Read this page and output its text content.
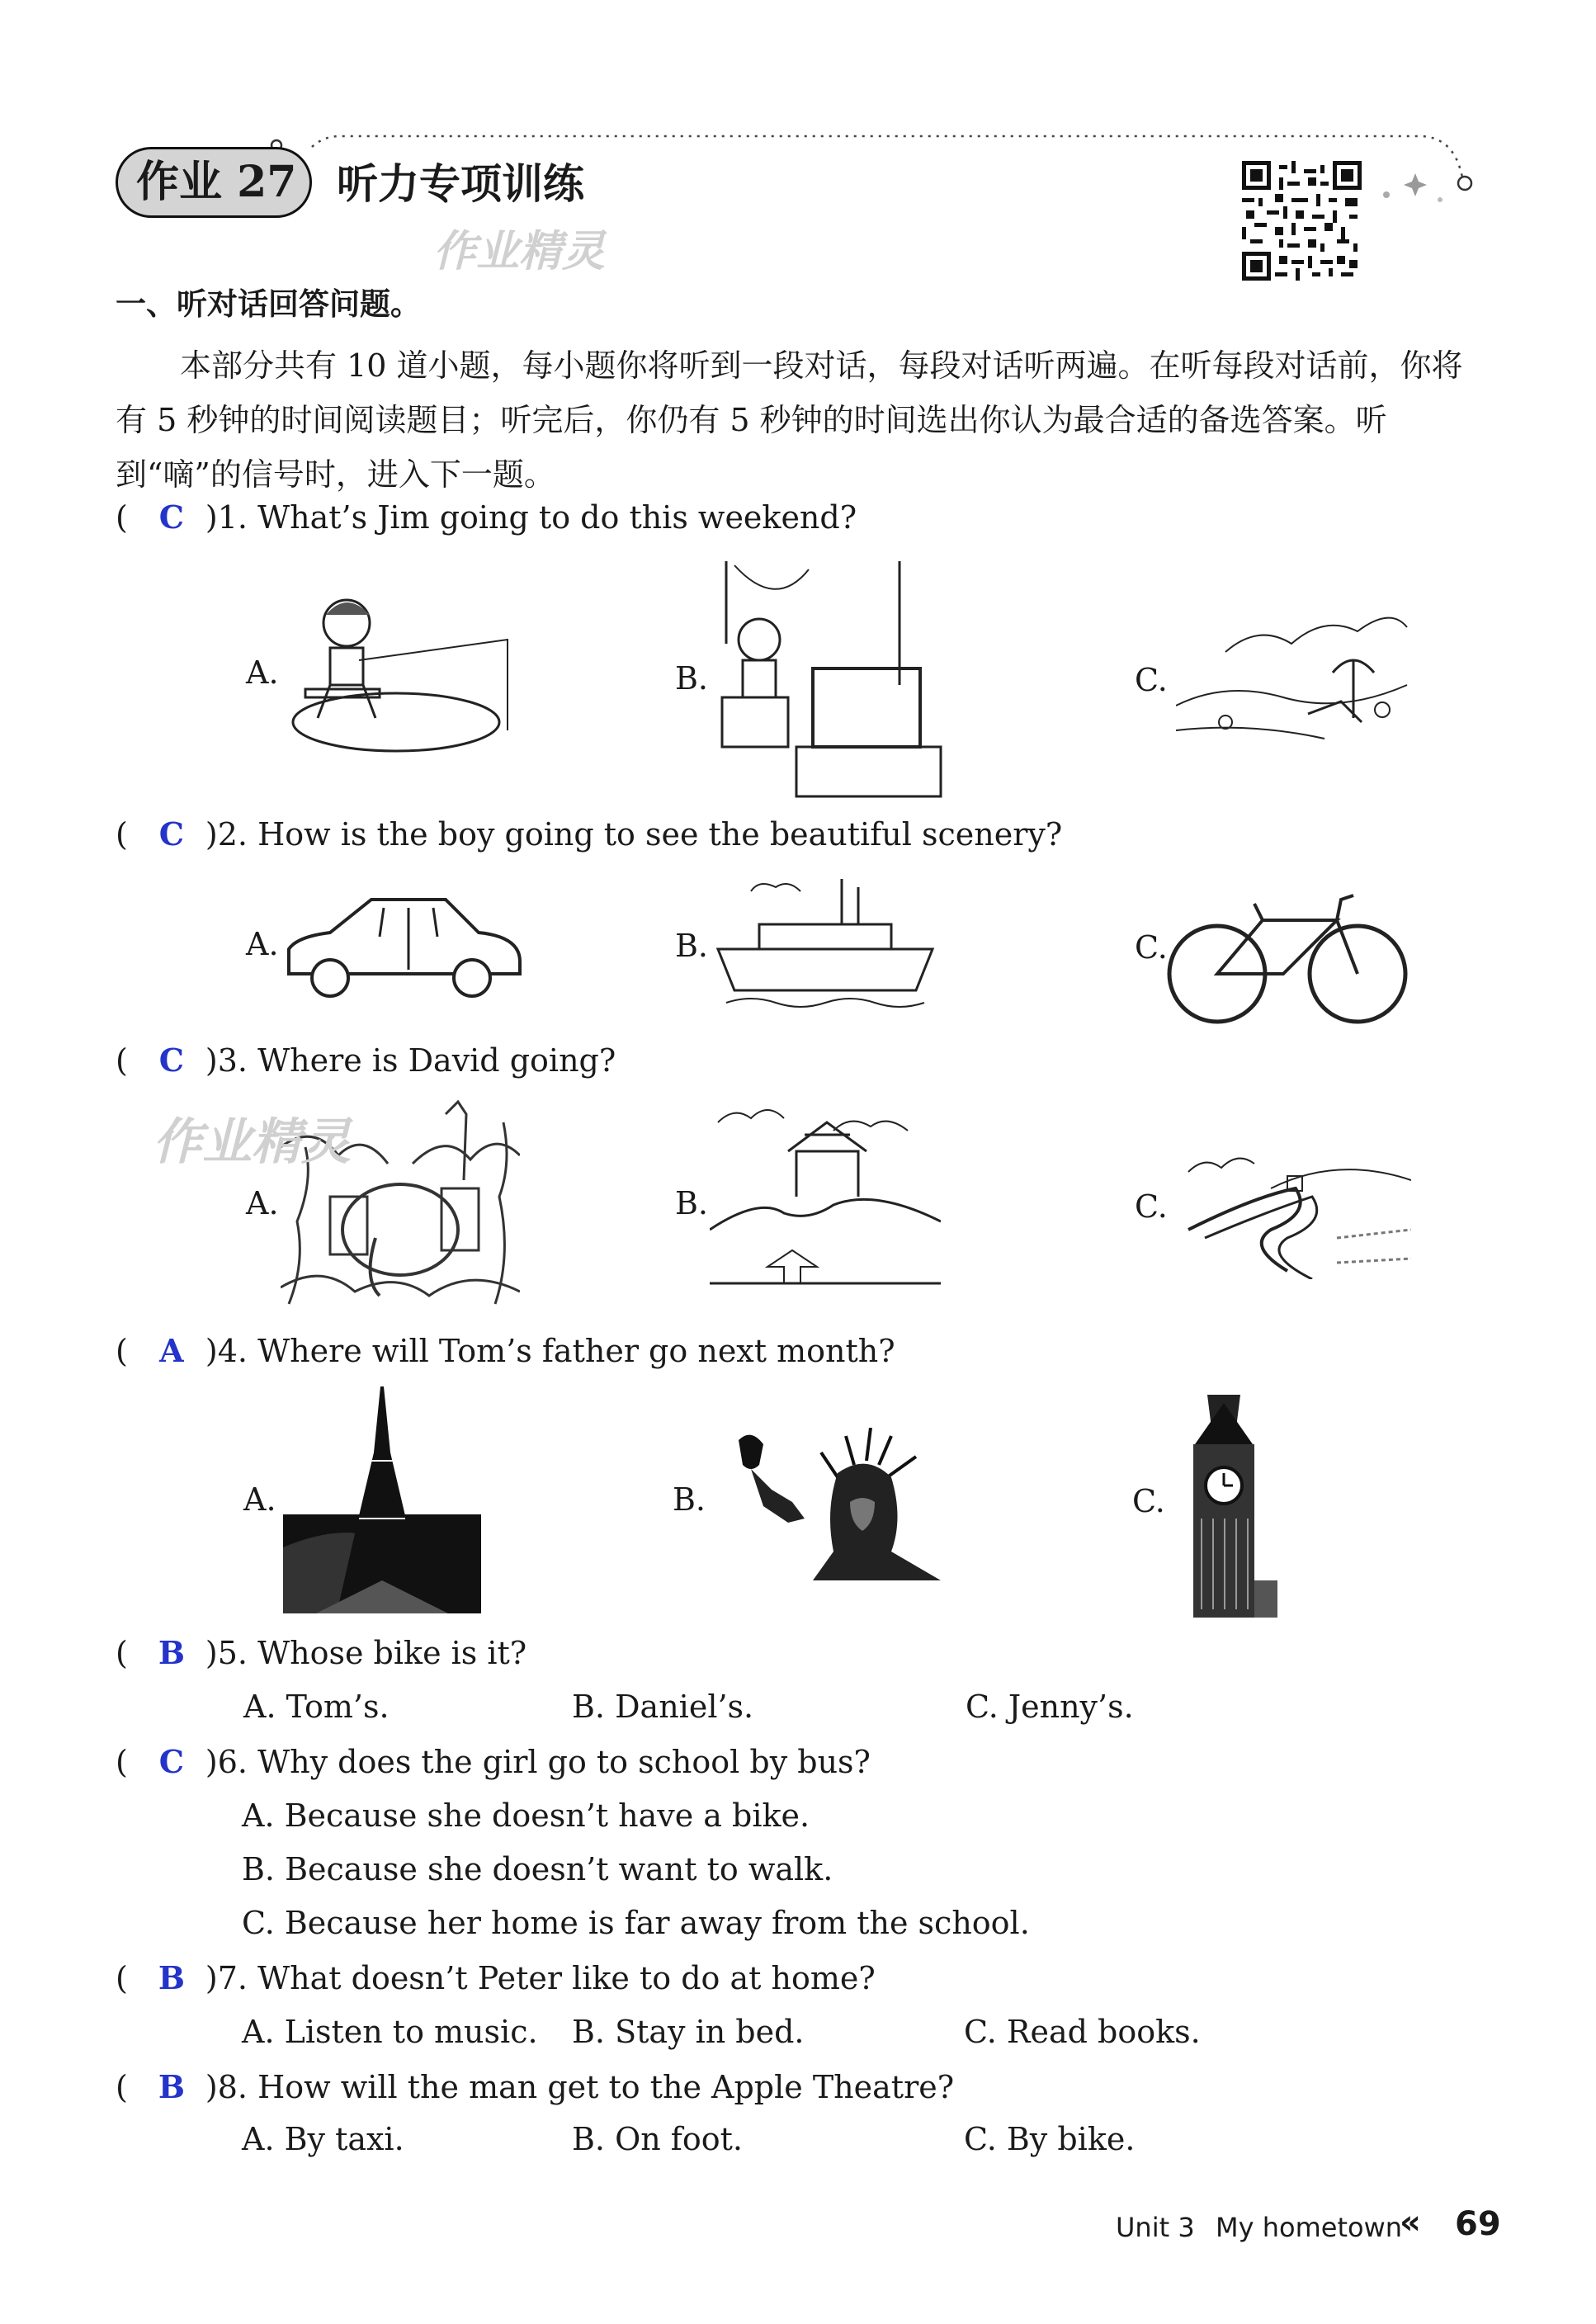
作业 27 听力专项训练
作业精灵
一、听对话回答问题。
本部分共有 10 道小题，每小题你将听到一段对话，每段对话听两遍。在听每段对话前，你将有 5 秒钟的时间阅读题目；听完后，你仍有 5 秒钟的时间选出你认为最合适的备选答案。听到“嘀”的信号时，进入下一题。
( C )1. What’s Jim going to do this weekend?
A.	B.	C.
( C )2. How is the boy going to see the beautiful scenery?
A.	B.	C.
( C )3. Where is David going?
A.	B.	C.
作业精灵
( A )4. Where will Tom’s father go next month?
A.	B.	C.
( B )5. Whose bike is it?
A. Tom’s.	B. Daniel’s.	C. Jenny’s.
( C )6. Why does the girl go to school by bus?
A. Because she doesn’t have a bike.
B. Because she doesn’t want to walk.
C. Because her home is far away from the school.
( B )7. What doesn’t Peter like to do at home?
A. Listen to music. B. Stay in bed.	C. Read books.
( B )8. How will the man get to the Apple Theatre?
A. By taxi.	B. On foot.	C. By bike.
Unit 3 My hometown
« 69
